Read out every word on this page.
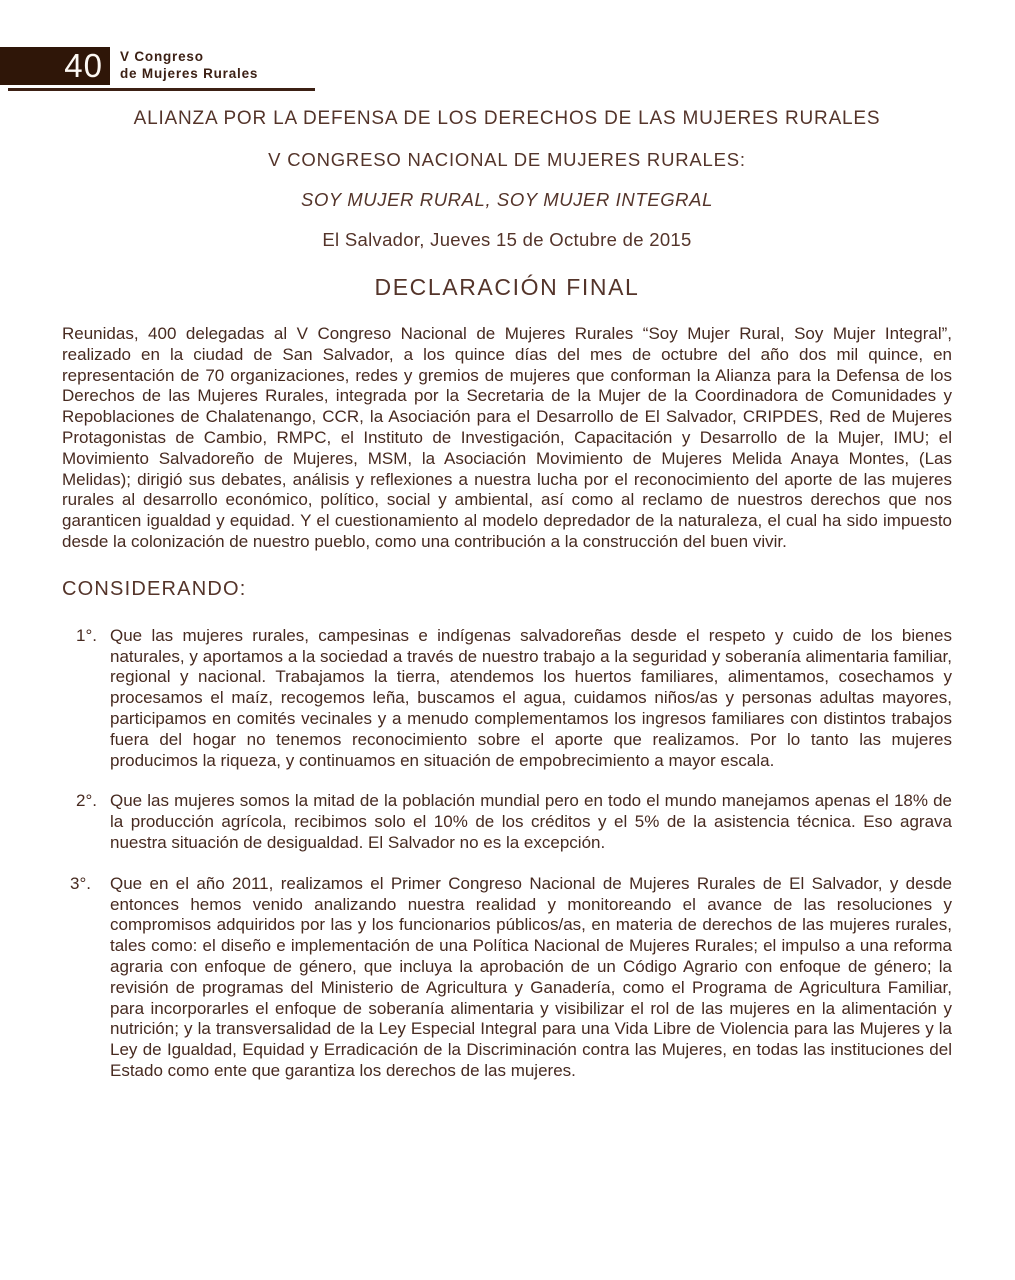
40	V Congreso
de Mujeres Rurales
ALIANZA POR LA DEFENSA DE LOS DERECHOS DE LAS MUJERES RURALES
V CONGRESO NACIONAL DE MUJERES RURALES:
SOY MUJER RURAL, SOY MUJER INTEGRAL
El Salvador, Jueves 15 de Octubre de 2015
DECLARACIÓN FINAL

Reunidas, 400 delegadas al V Congreso Nacional de Mujeres Rurales “Soy Mujer Rural, Soy Mujer Integral”, realizado en la ciudad de San Salvador, a los quince días del mes de octubre del año dos mil quince, en representación de 70 organizaciones, redes y gremios de mujeres que conforman la Alianza para la Defensa de los Derechos de las Mujeres Rurales, integrada por la Secretaria de la Mujer de la Coordinadora de Comunidades y Repoblaciones de Chalatenango, CCR, la Asociación para el Desarrollo de El Salvador, CRIPDES, Red de Mujeres Protagonistas de Cambio, RMPC, el Instituto de Investigación, Capacitación y Desarrollo de la Mujer, IMU; el Movimiento Salvadoreño de Mujeres, MSM, la Asociación Movimiento de Mujeres Melida Anaya Montes, (Las Melidas); dirigió sus debates, análisis y reflexiones a nuestra lucha por el reconocimiento del aporte de las mujeres rurales al desarrollo económico, político, social y ambiental, así como al reclamo de nuestros derechos que nos garanticen igualdad y equidad. Y el cuestionamiento al modelo depredador de la naturaleza, el cual ha sido impuesto desde la colonización de nuestro pueblo, como una contribución a la construcción del buen vivir.

CONSIDERANDO:
1°. Que las mujeres rurales, campesinas e indígenas salvadoreñas desde el respeto y cuido de los bienes naturales, y aportamos a la sociedad a través de nuestro trabajo a la seguridad y soberanía alimentaria familiar, regional y nacional. Trabajamos la tierra, atendemos los huertos familiares, alimentamos, cosechamos y procesamos el maíz, recogemos leña, buscamos el agua, cuidamos niños/as y personas adultas mayores, participamos en comités vecinales y a menudo complementamos los ingresos familiares con distintos trabajos fuera del hogar no tenemos reconocimiento sobre el aporte que realizamos. Por lo tanto las mujeres producimos la riqueza, y continuamos en situación de empobrecimiento a mayor escala.
2°. Que las mujeres somos la mitad de la población mundial pero en todo el mundo manejamos apenas el 18% de la producción agrícola, recibimos solo el 10% de los créditos y el 5% de la asistencia técnica. Eso agrava nuestra situación de desigualdad. El Salvador no es la excepción.
3°. Que en el año 2011, realizamos el Primer Congreso Nacional de Mujeres Rurales de El Salvador, y desde entonces hemos venido analizando nuestra realidad y monitoreando el avance de las resoluciones y compromisos adquiridos por las y los funcionarios públicos/as, en materia de derechos de las mujeres rurales, tales como: el diseño e implementación de una Política Nacional de Mujeres Rurales; el impulso a una reforma agraria con enfoque de género, que incluya la aprobación de un Código Agrario con enfoque de género; la revisión de programas del Ministerio de Agricultura y Ganadería, como el Programa de Agricultura Familiar, para incorporarles el enfoque de soberanía alimentaria y visibilizar el rol de las mujeres en la alimentación y nutrición; y la transversalidad de la Ley Especial Integral para una Vida Libre de Violencia para las Mujeres y la Ley de Igualdad, Equidad y Erradicación de la Discriminación contra las Mujeres, en todas las instituciones del Estado como ente que garantiza los derechos de las mujeres.
